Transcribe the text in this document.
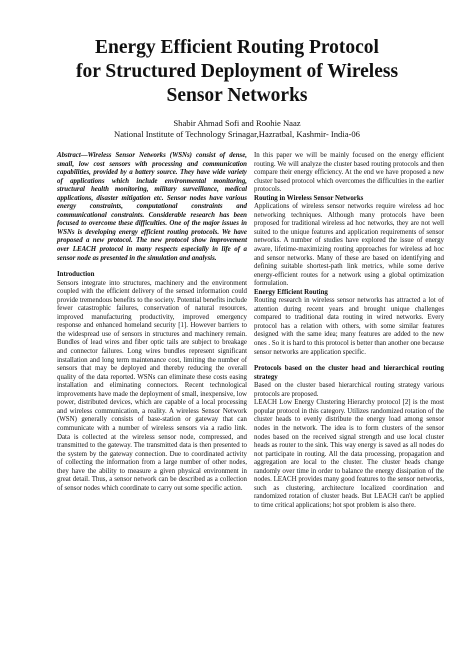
Energy Efficient Routing Protocol
for Structured Deployment of Wireless
Sensor Networks
Shabir Ahmad Sofi and Roohie Naaz
National Institute of Technology Srinagar,Hazratbal, Kashmir- India-06

Abstract—Wireless Sensor Networks (WSNs) consist of dense, small, low cost sensors with processing and communication capabilities, provided by a battery source. They have wide variety of applications which include environmental monitoring, structural health monitoring, military surveillance, medical applications, disaster mitigation etc. Sensor nodes have various energy constraints, computational constraints and communicational constraints. Considerable research has been focused to overcome these difficulties. One of the major issues in WSNs is developing energy efficient routing protocols. We have proposed a new protocol. The new protocol show improvement over LEACH protocol in many respects especially in life of a sensor node as presented in the simulation and analysis.

Introduction

Sensors integrate into structures, machinery and the environment coupled with the efficient delivery of the sensed information could provide tremendous benefits to the society. Potential benefits include fewer catastrophic failures, conservation of natural resources, improved manufacturing productivity, improved emergency response and enhanced homeland security [1]. However barriers to the widespread use of sensors in structures and machinery remain. Bundles of lead wires and fiber optic tails are subject to breakage and connector failures. Long wires bundles represent significant installation and long term maintenance cost, limiting the number of sensors that may be deployed and thereby reducing the overall quality of the data reported. WSNs can eliminate these costs easing installation and eliminating connectors. Recent technological improvements have made the deployment of small, inexpensive, low power, distributed devices, which are capable of a local processing and wireless communication, a reality. A wireless Sensor Network (WSN) generally consists of base-station or gateway that can communicate with a number of wireless sensors via a radio link. Data is collected at the wireless sensor node, compressed, and transmitted to the gateway. The transmitted data is then presented to the system by the gateway connection. Due to coordinated activity of collecting the information from a large number of other nodes, they have the ability to measure a given physical environment in great detail. Thus, a sensor network can be described as a collection of sensor nodes which coordinate to carry out some specific action.

In this paper we will be mainly focused on the energy efficient routing. We will analyze the cluster based routing protocols and then compare their energy efficiency. At the end we have proposed a new cluster based protocol which overcomes the difficulties in the earlier protocols.

Routing in Wireless Sensor Networks

Applications of wireless sensor networks require wireless ad hoc networking techniques. Although many protocols have been proposed for traditional wireless ad hoc networks, they are not well suited to the unique features and application requirements of sensor networks. A number of studies have explored the issue of energy aware, lifetime-maximizing routing approaches for wireless ad hoc and sensor networks. Many of these are based on identifying and defining suitable shortest-path link metrics, while some derive energy-efficient routes for a network using a global optimization formulation.

Energy Efficient Routing

Routing research in wireless sensor networks has attracted a lot of attention during recent years and brought unique challenges compared to traditional data routing in wired networks. Every protocol has a relation with others, with some similar features designed with the same idea; many features are added to the new ones . So it is hard to this protocol is better than another one because sensor networks are application specific.

Protocols based on the cluster head and hierarchical routing strategy

Based on the cluster based hierarchical routing strategy various protocols are proposed.

LEACH Low Energy Clustering Hierarchy protocol [2] is the most popular protocol in this category. Utilizes randomized rotation of the cluster heads to evenly distribute the energy load among sensor nodes in the network. The idea is to form clusters of the sensor nodes based on the received signal strength and use local cluster heads as router to the sink. This way energy is saved as all nodes do not participate in routing. All the data processing, propagation and aggregation are local to the cluster. The cluster heads change randomly over time in order to balance the energy dissipation of the nodes. LEACH provides many good features to the sensor networks, such as clustering, architecture localized coordination and randomized rotation of cluster heads. But LEACH can't be applied to time critical applications; hot spot problem is also there.
